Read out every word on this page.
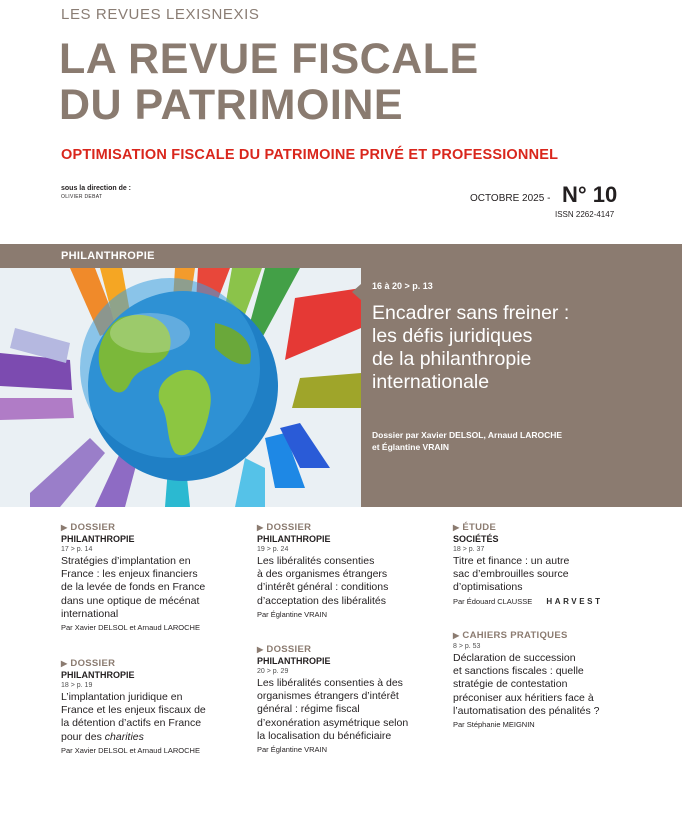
LES REVUES LEXISNEXIS
LA REVUE FISCALE
DU PATRIMOINE
OPTIMISATION FISCALE DU PATRIMOINE PRIVÉ ET PROFESSIONNEL
sous la direction de :
OLIVIER DEBAT	OCTOBRE 2025 - N° 10
ISSN 2262-4147
PHILANTHROPIE
16 à 20 > p. 13
Encadrer sans freiner :
les défis juridiques
de la philanthropie
internationale
Dossier par Xavier DELSOL, Arnaud LAROCHE
et Églantine VRAIN
▶ DOSSIER
PHILANTHROPIE
17 > p. 14
Stratégies d’implantation en
France : les enjeux financiers
de la levée de fonds en France
dans une optique de mécénat
international
Par Xavier DELSOL et Arnaud LAROCHE
▶ DOSSIER
PHILANTHROPIE
18 > p. 19
L’implantation juridique en
France et les enjeux fiscaux de
la détention d’actifs en France
pour des charities
Par Xavier DELSOL et Arnaud LAROCHE
▶ DOSSIER
PHILANTHROPIE
19 > p. 24
Les libéralités consenties
à des organismes étrangers
d’intérêt général : conditions
d’acceptation des libéralités
Par Églantine VRAIN
▶ DOSSIER
PHILANTHROPIE
20 > p. 29
Les libéralités consenties à des
organismes étrangers d’intérêt
général : régime fiscal
d’exonération asymétrique selon
la localisation du bénéficiaire
Par Églantine VRAIN
▶ ÉTUDE
SOCIÉTÉS
18 > p. 37
Titre et finance : un autre
sac d’embrouilles source
d’optimisations
Par Édouard CLAUSSE HARVEST
▶ CAHIERS PRATIQUES
8 > p. 53
Déclaration de succession
et sanctions fiscales : quelle
stratégie de contestation
préconiser aux héritiers face à
l’automatisation des pénalités ?
Par Stéphanie MEIGNIN
